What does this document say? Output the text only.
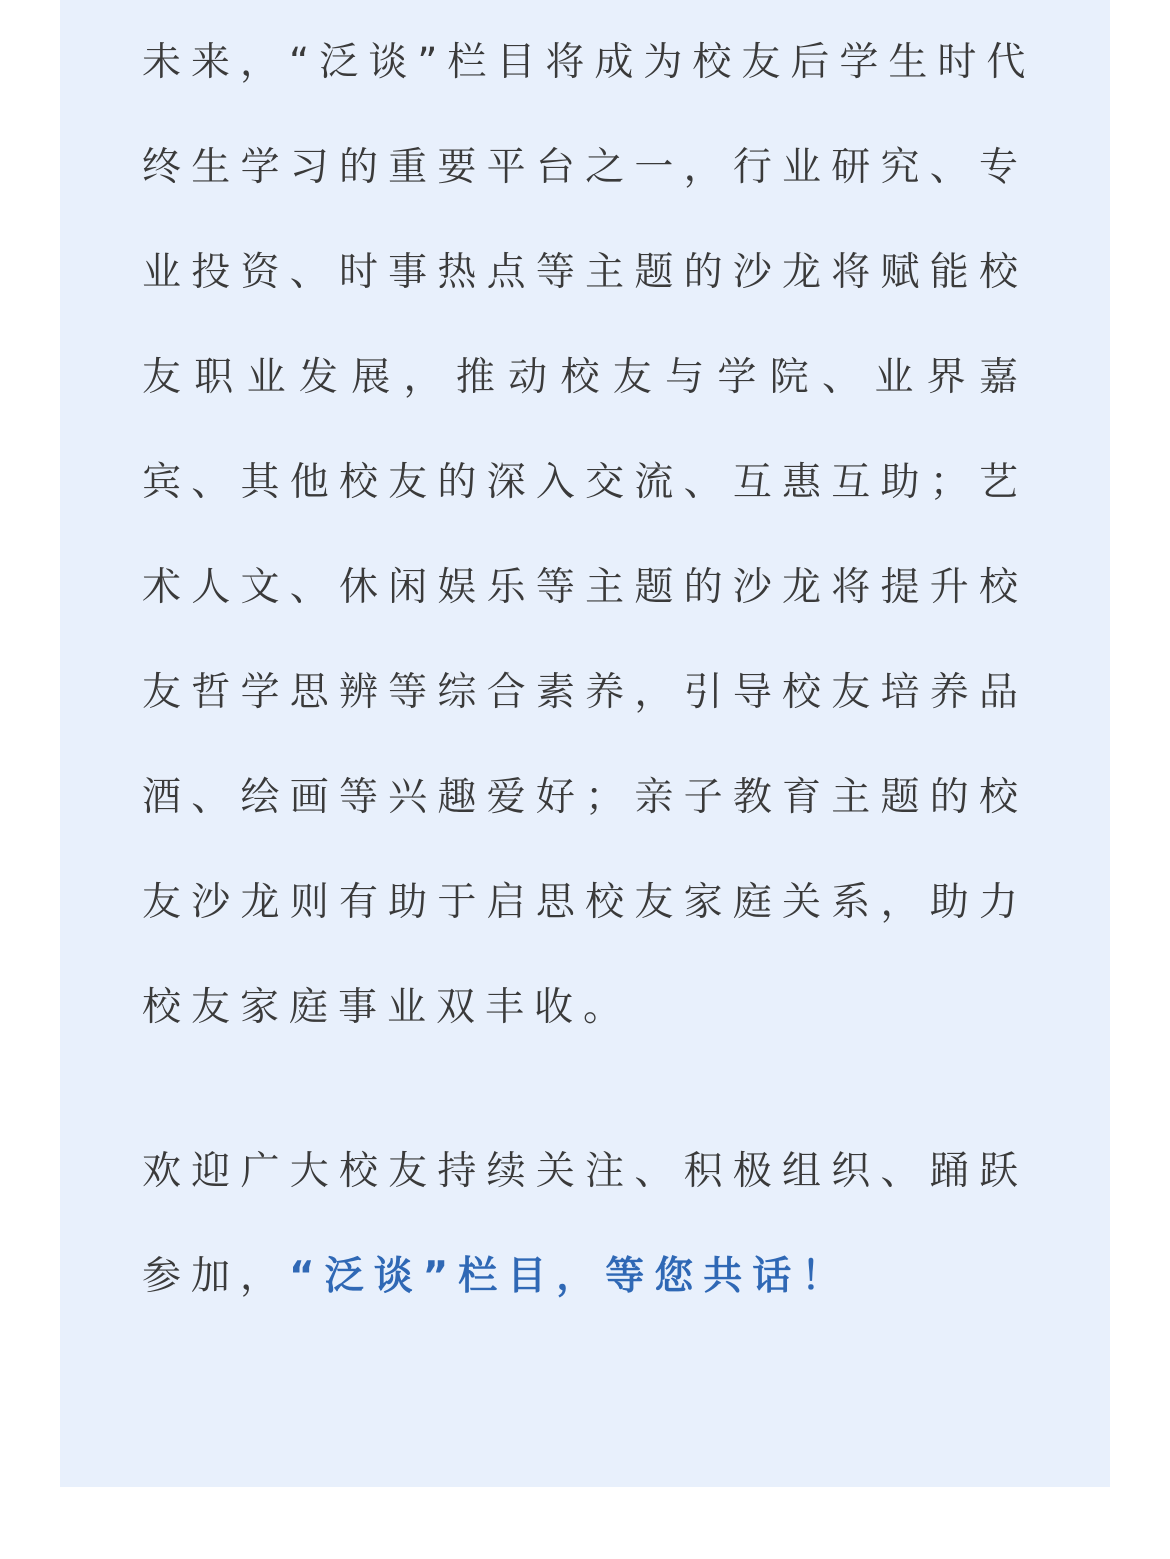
未来，“泛谈”栏目将成为校友后学生时代
终生学习的重要平台之一，行业研究、专
业投资、时事热点等主题的沙龙将赋能校
友职业发展，推动校友与学院、业界嘉
宾、其他校友的深入交流、互惠互助；艺
术人文、休闲娱乐等主题的沙龙将提升校
友哲学思辨等综合素养，引导校友培养品
酒、绘画等兴趣爱好；亲子教育主题的校
友沙龙则有助于启思校友家庭关系，助力
校友家庭事业双丰收。
欢迎广大校友持续关注、积极组织、踊跃
参加，“泛谈”栏目，等您共话！
